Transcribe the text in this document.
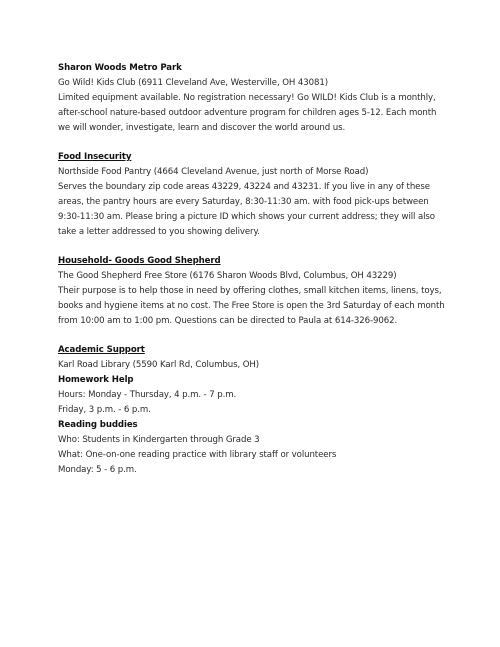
Sharon Woods Metro Park

Go Wild! Kids Club (6911 Cleveland Ave, Westerville, OH 43081)

Limited equipment available. No registration necessary! Go WILD! Kids Club is a monthly, after-school nature-based outdoor adventure program for children ages 5-12. Each month we will wonder, investigate, learn and discover the world around us.

Food Insecurity

Northside Food Pantry (4664 Cleveland Avenue, just north of Morse Road)

Serves the boundary zip code areas 43229, 43224 and 43231. If you live in any of these areas, the pantry hours are every Saturday, 8:30-11:30 am. with food pick-ups between 9:30-11:30 am. Please bring a picture ID which shows your current address; they will also take a letter addressed to you showing delivery.

Household- Goods Good Shepherd

The Good Shepherd Free Store (6176 Sharon Woods Blvd, Columbus, OH 43229)

Their purpose is to help those in need by offering clothes, small kitchen items, linens, toys, books and hygiene items at no cost. The Free Store is open the 3rd Saturday of each month from 10:00 am to 1:00 pm. Questions can be directed to Paula at 614-326-9062.

Academic Support

Karl Road Library (5590 Karl Rd, Columbus, OH)

Homework Help

Hours: Monday - Thursday, 4 p.m. - 7 p.m.

Friday, 3 p.m. - 6 p.m.

Reading buddies

Who: Students in Kindergarten through Grade 3

What: One-on-one reading practice with library staff or volunteers

Monday: 5 - 6 p.m.
